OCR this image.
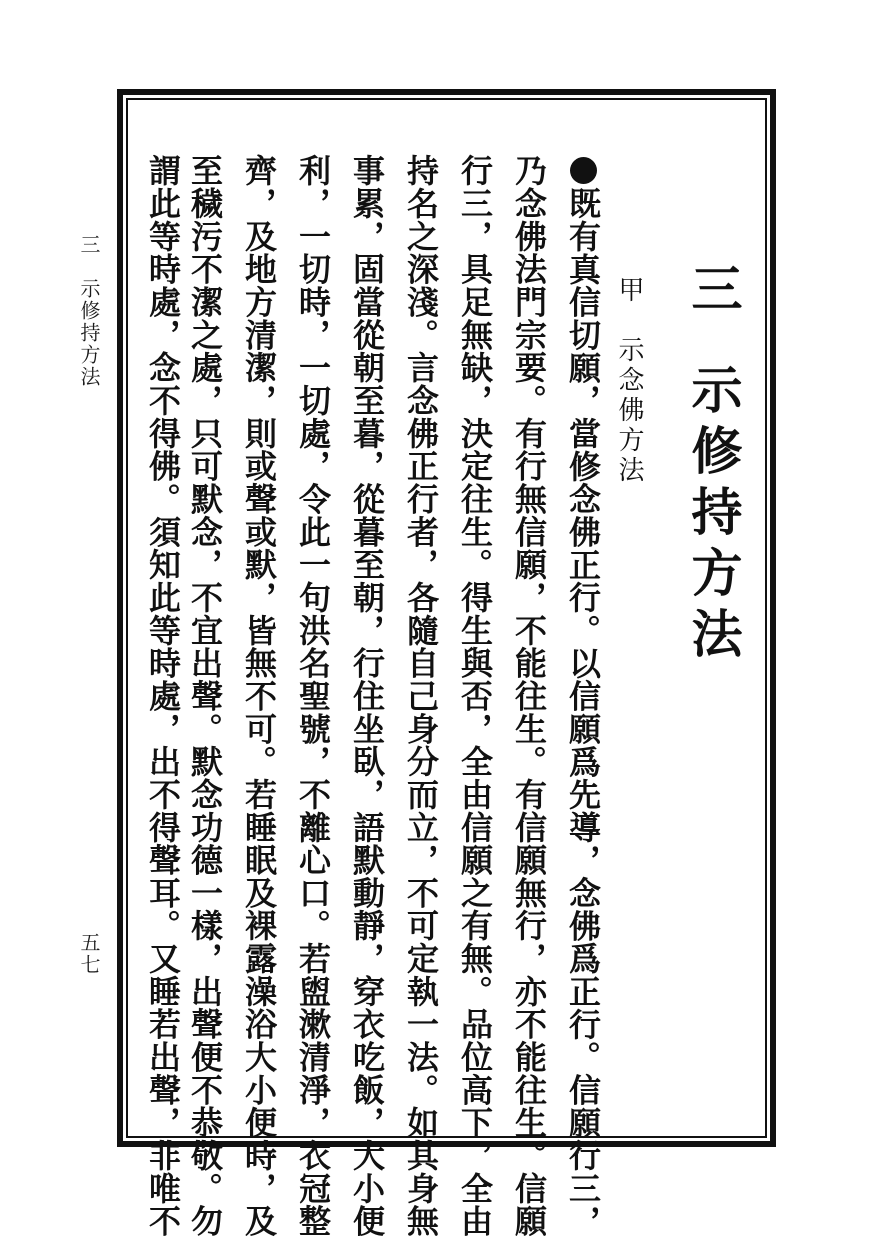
三　示修持方法
五七
三示修持方法
甲示念佛方法
既有真信切願，當修念佛正行。以信願爲先導，念佛爲正行。信願行三，
乃念佛法門宗要。有行無信願，不能往生。有信願無行，亦不能往生。信願
行三，具足無缺，決定往生。得生與否，全由信願之有無。品位高下，全由
持名之深淺。言念佛正行者，各隨自己身分而立，不可定執一法。如其身無
事累，固當從朝至暮，從暮至朝，行住坐臥，語默動靜，穿衣吃飯，大小便
利，一切時，一切處，令此一句洪名聖號，不離心口。若盥漱清淨，衣冠整
齊，及地方清潔，則或聲或默，皆無不可。若睡眠及裸露澡浴大小便時，及
至穢污不潔之處，只可默念，不宜出聲。默念功德一樣，出聲便不恭敬。勿
謂此等時處，念不得佛。須知此等時處，出不得聲耳。又睡若出聲，非唯不
